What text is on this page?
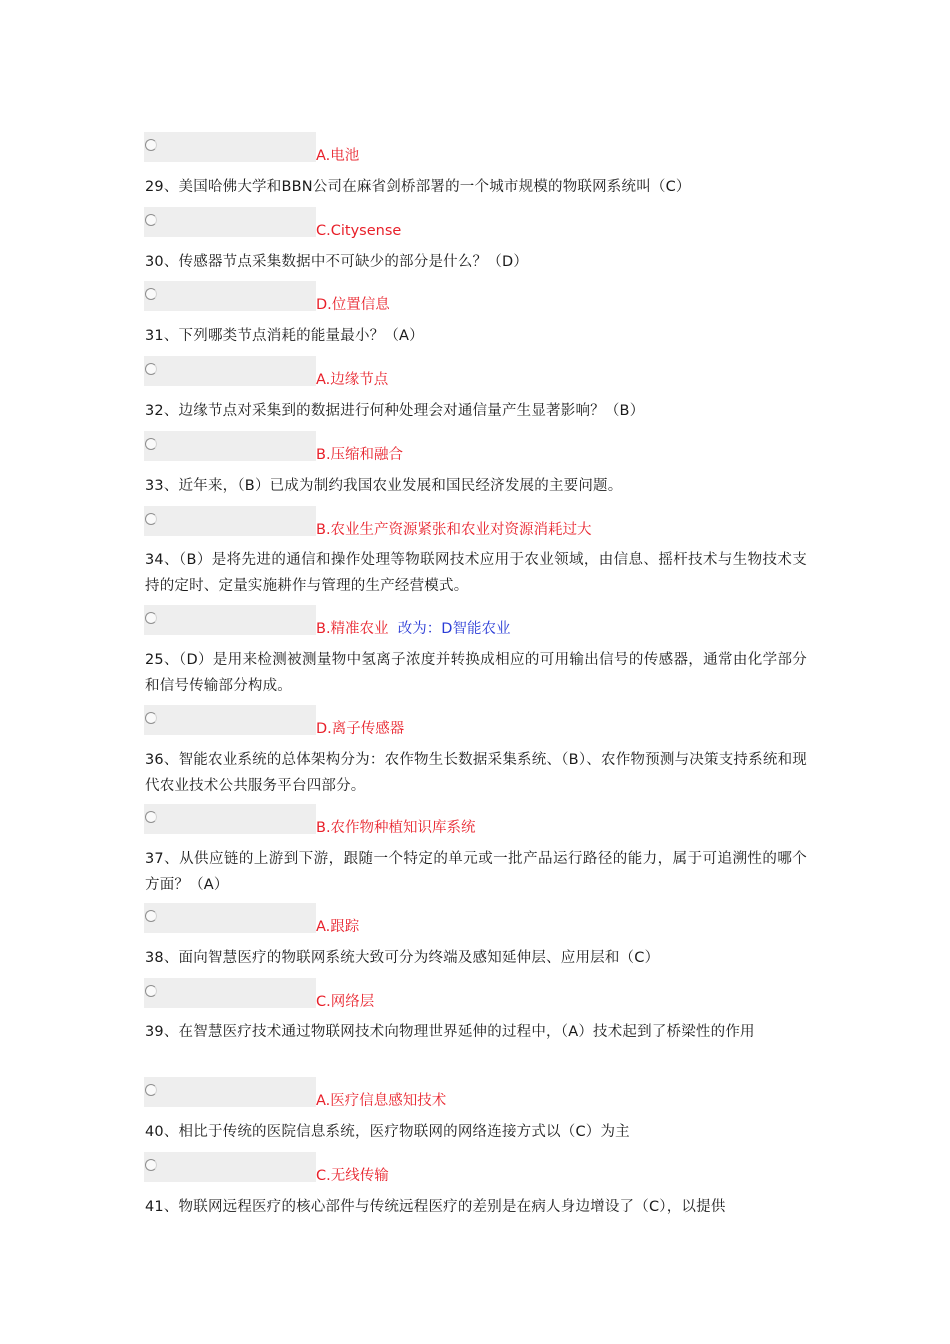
A.电池
29、美国哈佛大学和BBN公司在麻省剑桥部署的一个城市规模的物联网系统叫（C）
C.Citysense
30、传感器节点采集数据中不可缺少的部分是什么？（D）
D.位置信息
31、下列哪类节点消耗的能量最小？（A）
A.边缘节点
32、边缘节点对采集到的数据进行何种处理会对通信量产生显著影响？（B）
B.压缩和融合
33、近年来，（B）已成为制约我国农业发展和国民经济发展的主要问题。
B.农业生产资源紧张和农业对资源消耗过大
34、（B）是将先进的通信和操作处理等物联网技术应用于农业领域，由信息、摇杆技术与生物技术支持的定时、定量实施耕作与管理的生产经营模式。
B.精准农业 改为：D智能农业
25、（D）是用来检测被测量物中氢离子浓度并转换成相应的可用输出信号的传感器，通常由化学部分和信号传输部分构成。
D.离子传感器
36、智能农业系统的总体架构分为：农作物生长数据采集系统、（B）、农作物预测与决策支持系统和现代农业技术公共服务平台四部分。
B.农作物种植知识库系统
37、从供应链的上游到下游，跟随一个特定的单元或一批产品运行路径的能力，属于可追溯性的哪个方面？（A）
A.跟踪
38、面向智慧医疗的物联网系统大致可分为终端及感知延伸层、应用层和（C）
C.网络层
39、在智慧医疗技术通过物联网技术向物理世界延伸的过程中，（A）技术起到了桥梁性的作用
A.医疗信息感知技术
40、相比于传统的医院信息系统，医疗物联网的网络连接方式以（C）为主
C.无线传输
41、物联网远程医疗的核心部件与传统远程医疗的差别是在病人身边增设了（C），以提供
